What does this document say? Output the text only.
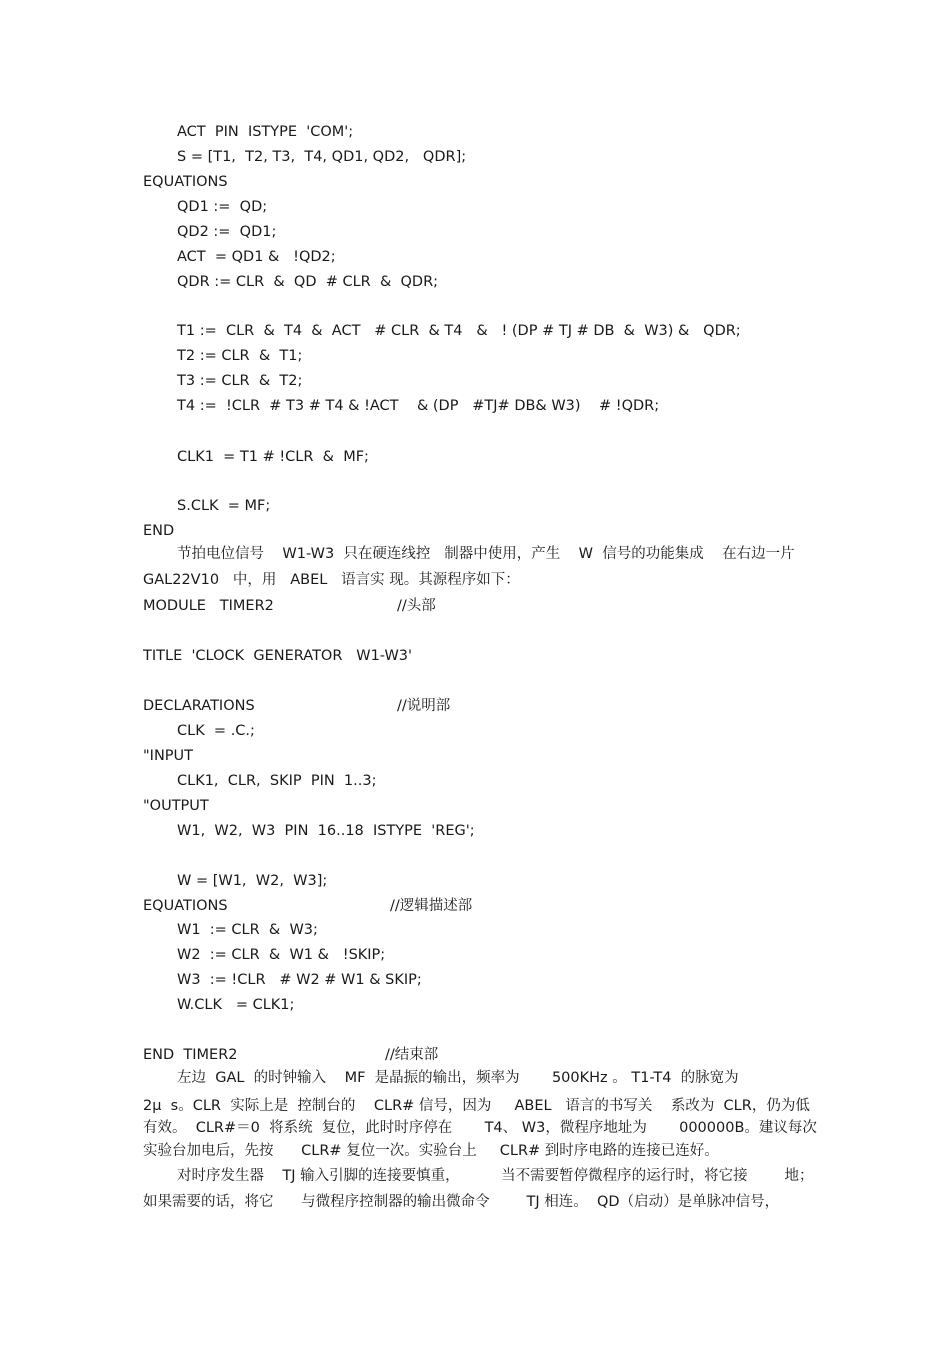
ACT  PIN  ISTYPE  'COM';
S = [T1,  T2, T3,  T4, QD1, QD2,   QDR];
EQUATIONS
QD1 :=  QD;
QD2 :=  QD1;
ACT  = QD1 &   !QD2;
QDR := CLR  &  QD  # CLR  &  QDR;
T1 :=  CLR  &  T4  &  ACT   # CLR  & T4   &   ! (DP # TJ # DB  &  W3) &   QDR;
T2 := CLR  &  T1;
T3 := CLR  &  T2;
T4 :=  !CLR  # T3 # T4 & !ACT    & (DP   #TJ# DB& W3)    # !QDR;
CLK1  = T1 # !CLR  &  MF;
S.CLK  = MF;
END
节拍电位信号    W1-W3  只在硬连线控   制器中使用，产生    W  信号的功能集成    在右边一片
GAL22V10   中，用   ABEL   语言实 现。其源程序如下：
MODULE   TIMER2	//头部
TITLE  'CLOCK  GENERATOR   W1-W3'
DECLARATIONS	//说明部
CLK  = .C.;
"INPUT
CLK1,  CLR,  SKIP  PIN  1..3;
"OUTPUT
W1,  W2,  W3  PIN  16..18  ISTYPE  'REG';
W = [W1,  W2,  W3];
EQUATIONS	//逻辑描述部
W1  := CLR  &  W3;
W2  := CLR  &  W1 &   !SKIP;
W3  := !CLR   # W2 # W1 & SKIP;
W.CLK   = CLK1;
END  TIMER2	//结束部
左边  GAL  的时钟输入    MF  是晶振的输出，频率为       500KHz 。 T1-T4  的脉宽为
2μ  s。CLR  实际上是  控制台的    CLR# 信号，因为     ABEL   语言的书写关    系改为  CLR，仍为低
有效。  CLR#＝0  将系统  复位，此时时序停在       T4、 W3，微程序地址为       000000B。建议每次
实验台加电后，先按      CLR# 复位一次。实验台上     CLR# 到时序电路的连接已连好。
对时序发生器    TJ 输入引脚的连接要慎重，         当不需要暂停微程序的运行时，将它接        地；
如果需要的话，将它      与微程序控制器的输出微命令        TJ 相连。  QD（启动）是单脉冲信号，
